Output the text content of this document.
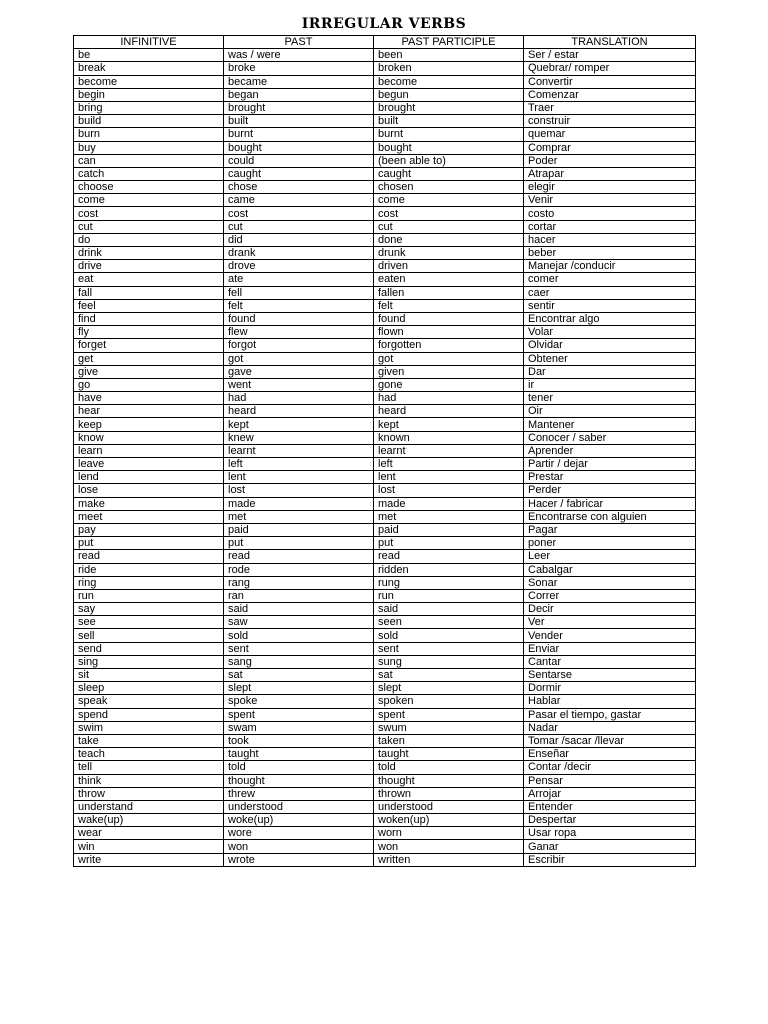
IRREGULAR VERBS
INFINITIVE	PAST	PAST PARTICIPLE	TRANSLATION
be	was / were	been	Ser / estar
break	broke	broken	Quebrar/ romper
become	became	become	Convertir
begin	began	begun	Comenzar
bring	brought	brought	Traer
build	built	built	construir
burn	burnt	burnt	quemar
buy	bought	bought	Comprar
can	could	(been able to)	Poder
catch	caught	caught	Atrapar
choose	chose	chosen	elegir
come	came	come	Venir
cost	cost	cost	costo
cut	cut	cut	cortar
do	did	done	hacer
drink	drank	drunk	beber
drive	drove	driven	Manejar /conducir
eat	ate	eaten	comer
fall	fell	fallen	caer
feel	felt	felt	sentir
find	found	found	Encontrar algo
fly	flew	flown	Volar
forget	forgot	forgotten	Olvidar
get	got	got	Obtener
give	gave	given	Dar
go	went	gone	ir
have	had	had	tener
hear	heard	heard	Oir
keep	kept	kept	Mantener
know	knew	known	Conocer / saber
learn	learnt	learnt	Aprender
leave	left	left	Partir / dejar
lend	lent	lent	Prestar
lose	lost	lost	Perder
make	made	made	Hacer / fabricar
meet	met	met	Encontrarse con alguien
pay	paid	paid	Pagar
put	put	put	poner
read	read	read	Leer
ride	rode	ridden	Cabalgar
ring	rang	rung	Sonar
run	ran	run	Correr
say	said	said	Decir
see	saw	seen	Ver
sell	sold	sold	Vender
send	sent	sent	Enviar
sing	sang	sung	Cantar
sit	sat	sat	Sentarse
sleep	slept	slept	Dormir
speak	spoke	spoken	Hablar
spend	spent	spent	Pasar el tiempo, gastar
swim	swam	swum	Nadar
take	took	taken	Tomar /sacar /llevar
teach	taught	taught	Enseñar
tell	told	told	Contar /decir
think	thought	thought	Pensar
throw	threw	thrown	Arrojar
understand	understood	understood	Entender
wake(up)	woke(up)	woken(up)	Despertar
wear	wore	worn	Usar ropa
win	won	won	Ganar
write	wrote	written	Escribir
